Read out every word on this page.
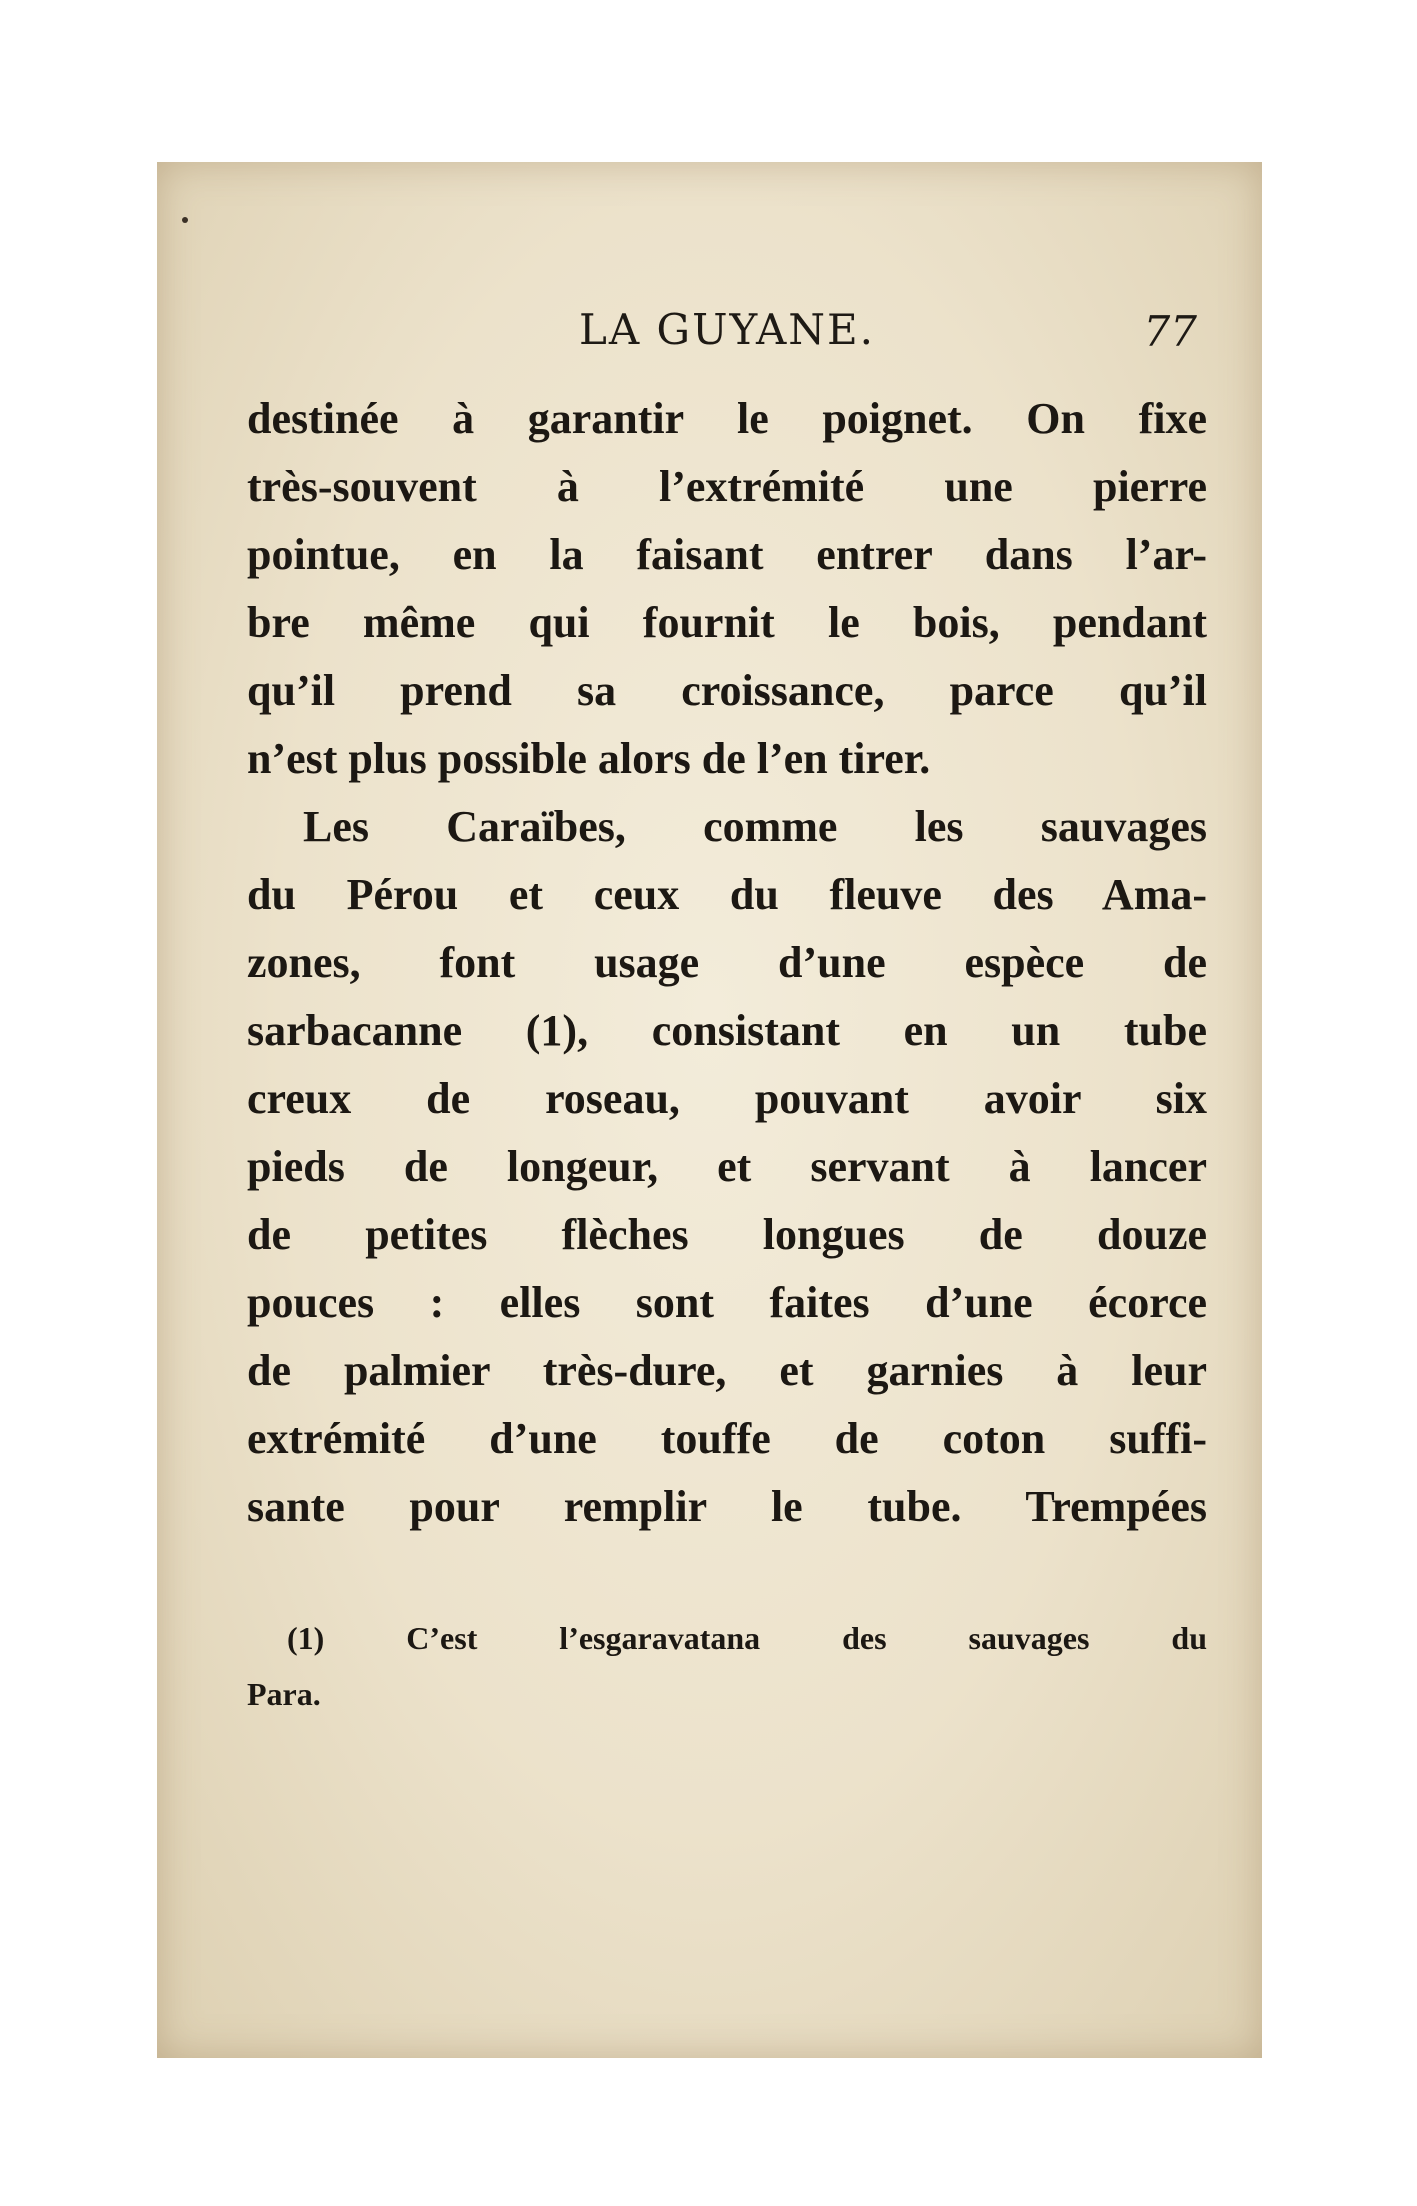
LA GUYANE.	77
destinée à garantir le poignet. On fixe
très-souvent à l’extrémité une pierre
pointue, en la faisant entrer dans l’ar-
bre même qui fournit le bois, pendant
qu’il prend sa croissance, parce qu’il
n’est plus possible alors de l’en tirer.
Les Caraïbes, comme les sauvages
du Pérou et ceux du fleuve des Ama-
zones, font usage d’une espèce de
sarbacanne (1), consistant en un tube
creux de roseau, pouvant avoir six
pieds de longeur, et servant à lancer
de petites flèches longues de douze
pouces : elles sont faites d’une écorce
de palmier très-dure, et garnies à leur
extrémité d’une touffe de coton suffi-
sante pour remplir le tube. Trempées
(1) C’est l’esgaravatana des sauvages du
Para.
